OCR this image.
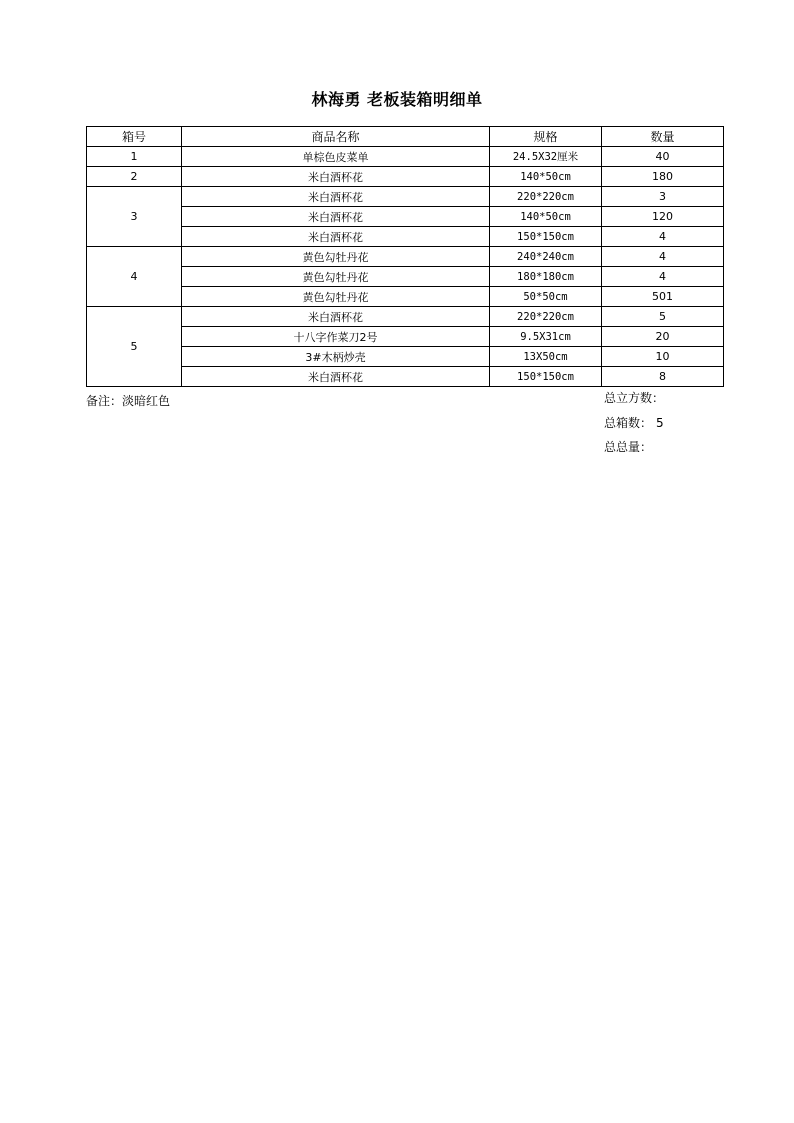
林海勇 老板装箱明细单
箱号	商品名称	规格	数量
1	单棕色皮菜单	24.5X32厘米	40
2	米白酒杯花	140*50cm	180
3	米白酒杯花	220*220cm	3
	米白酒杯花	140*50cm	120
	米白酒杯花	150*150cm	4
4	黄色勾牡丹花	240*240cm	4
	黄色勾牡丹花	180*180cm	4
	黄色勾牡丹花	50*50cm	501
5	米白酒杯花	220*220cm	5
	十八字作菜刀2号	9.5X31cm	20
	3#木柄炒壳	13X50cm	10
	米白酒杯花	150*150cm	8
备注：淡暗红色	总立方数：
总箱数： 5
总总量：
